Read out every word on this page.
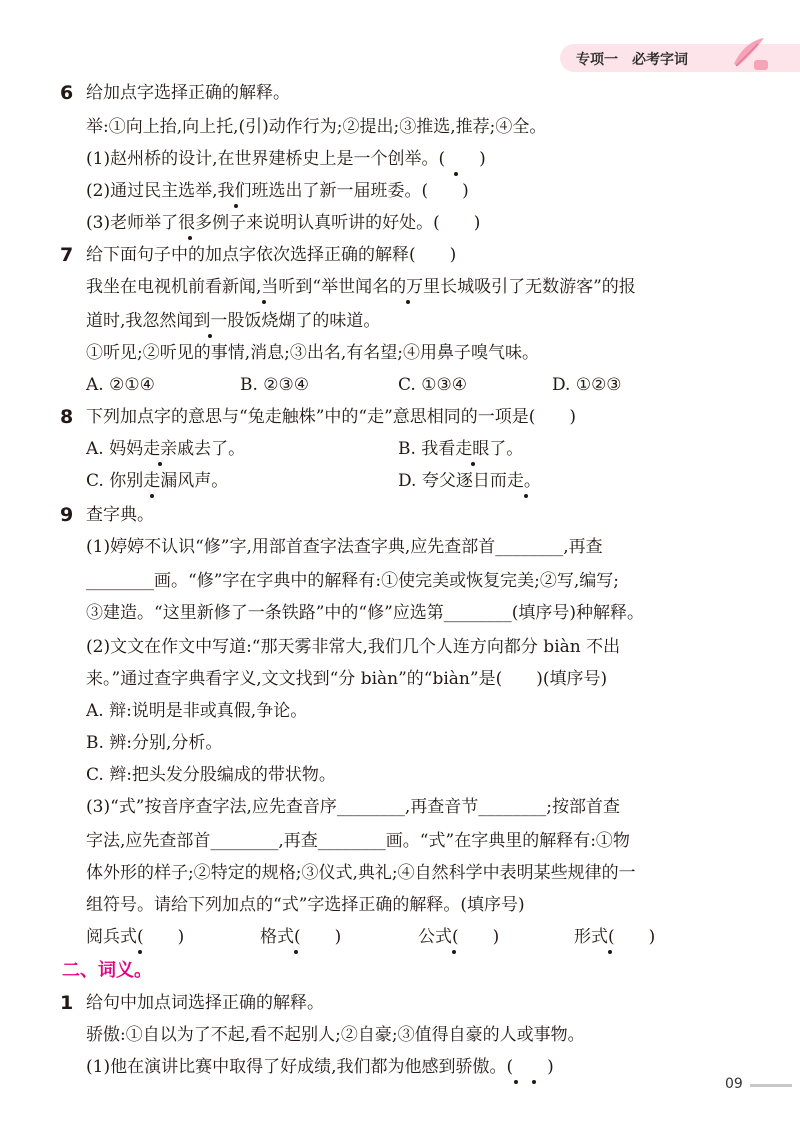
专项一　必考字词
6 给加点字选择正确的解释。
举:①向上抬,向上托,(引)动作行为;②提出;③推选,推荐;④全。
(1)赵州桥的设计,在世界建桥史上是一个创举。(　　)
(2)通过民主选举,我们班选出了新一届班委。(　　)
(3)老师举了很多例子来说明认真听讲的好处。(　　)
7 给下面句子中的加点字依次选择正确的解释(　　)
我坐在电视机前看新闻,当听到“举世闻名的万里长城吸引了无数游客”的报
道时,我忽然闻到一股饭烧煳了的味道。
①听见;②听见的事情,消息;③出名,有名望;④用鼻子嗅气味。
A. ②①④	B. ②③④	C. ①③④	D. ①②③
8 下列加点字的意思与“兔走触株”中的“走”意思相同的一项是(　　)
A. 妈妈走亲戚去了。	B. 我看走眼了。
C. 你别走漏风声。	D. 夸父逐日而走。
9 查字典。
(1)婷婷不认识“修”字,用部首查字法查字典,应先查部首________,再查
________画。“修”字在字典中的解释有:①使完美或恢复完美;②写,编写;
③建造。“这里新修了一条铁路”中的“修”应选第________(填序号)种解释。
(2)文文在作文中写道:“那天雾非常大,我们几个人连方向都分 biàn 不出
来。”通过查字典看字义,文文找到“分 biàn”的“biàn”是(　　)(填序号)
A. 辩:说明是非或真假,争论。
B. 辨:分别,分析。
C. 辫:把头发分股编成的带状物。
(3)“式”按音序查字法,应先查音序________,再查音节________;按部首查
字法,应先查部首________,再查________画。“式”在字典里的解释有:①物
体外形的样子;②特定的规格;③仪式,典礼;④自然科学中表明某些规律的一
组符号。请给下列加点的“式”字选择正确的解释。(填序号)
阅兵式(　　)	格式(　　)	公式(　　)	形式(　　)
二、词义。
1 给句中加点词选择正确的解释。
骄傲:①自以为了不起,看不起别人;②自豪;③值得自豪的人或事物。
(1)他在演讲比赛中取得了好成绩,我们都为他感到骄傲。(　　)
09
